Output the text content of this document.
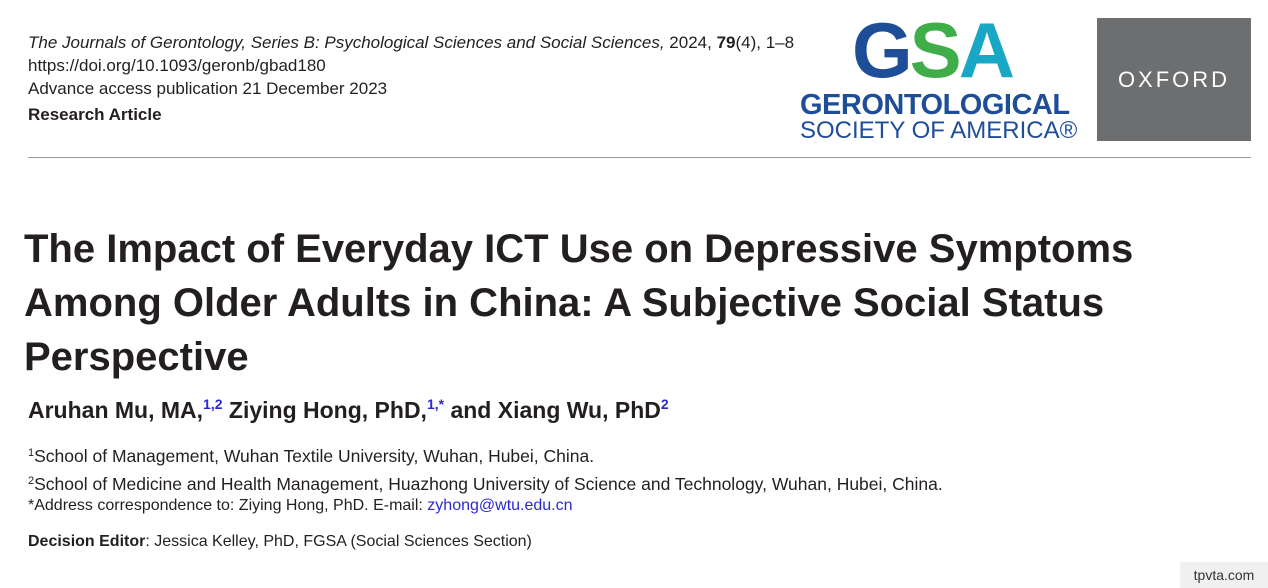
The Journals of Gerontology, Series B: Psychological Sciences and Social Sciences, 2024, 79(4), 1–8
https://doi.org/10.1093/geronb/gbad180
Advance access publication 21 December 2023
Research Article
GSA
GERONTOLOGICAL
SOCIETY OF AMERICA®
OXFORD
The Impact of Everyday ICT Use on Depressive Symptoms Among Older Adults in China: A Subjective Social Status Perspective
Aruhan Mu, MA,$^{1,2}$ Ziying Hong, PhD,$^{1,*}$ and Xiang Wu, PhD$^2$
$^1$School of Management, Wuhan Textile University, Wuhan, Hubei, China.
$^2$School of Medicine and Health Management, Huazhong University of Science and Technology, Wuhan, Hubei, China.
*Address correspondence to: Ziying Hong, PhD. E-mail: zyhong@wtu.edu.cn
Decision Editor: Jessica Kelley, PhD, FGSA (Social Sciences Section)
tpvta.com
